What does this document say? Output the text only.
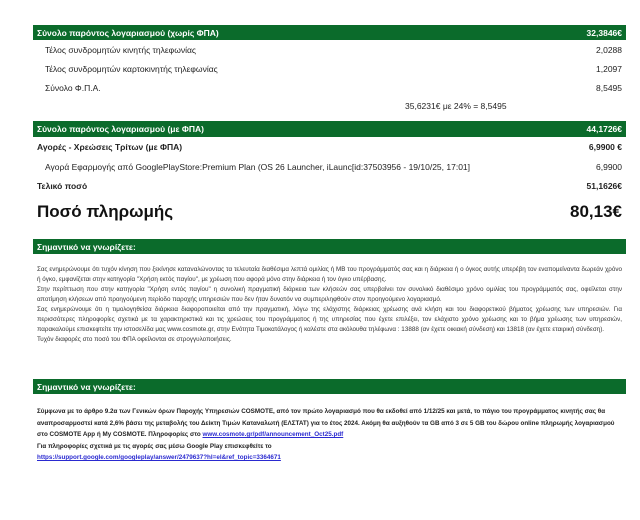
Σύνολο παρόντος λογαριασμού (χωρίς ΦΠΑ)	32,3846€
Τέλος συνδρομητών κινητής τηλεφωνίας	2,0288
Τέλος συνδρομητών καρτοκινητής τηλεφωνίας	1,2097
Σύνολο Φ.Π.Α.	8,5495
35,6231€ με 24% = 8,5495
Σύνολο παρόντος λογαριασμού (με ΦΠΑ)	44,1726€
Αγορές - Χρεώσεις Τρίτων (με ΦΠΑ)	6,9900 €
Αγορά Εφαρμογής από GooglePlayStore:Premium Plan (OS 26 Launcher, iLaunc[id:37503956 - 19/10/25, 17:01]	6,9900
Τελικό ποσό	51,1626€
Ποσό πληρωμής	80,13€
Σημαντικό να γνωρίζετε:

Σας ενημερώνουμε ότι τυχόν κίνηση που ξεκίνησε καταναλώνοντας τα τελευταία διαθέσιμα λεπτά ομιλίας ή MB του προγράμματός σας και η διάρκεια ή ο όγκος αυτής υπερέβη τον εναπομείναντα δωρεάν χρόνο ή όγκο, εμφανίζεται στην κατηγορία "Χρήση εκτός παγίου", με χρέωση που αφορά μόνο στην διάρκεια ή τον όγκο υπέρβασης.

Στην περίπτωση που στην κατηγορία "Χρήση εντός παγίου" η συνολική πραγματική διάρκεια των κλήσεών σας υπερβαίνει τον συνολικό διαθέσιμο χρόνο ομιλίας του προγράμματός σας, οφείλεται στην αποτίμηση κλήσεων από προηγούμενη περίοδο παροχής υπηρεσιών που δεν ήταν δυνατόν να συμπεριληφθούν στον προηγούμενο λογαριασμό.

Σας ενημερώνουμε ότι η τιμολογηθείσα διάρκεια διαφοροποιείται από την πραγματική, λόγω της ελάχιστης διάρκειας χρέωσης ανά κλήση και του διαφορετικού βήματος χρέωσης των υπηρεσιών. Για περισσότερες πληροφορίες σχετικά με τα χαρακτηριστικά και τις χρεώσεις του προγράμματος ή της υπηρεσίας που έχετε επιλέξει, τον ελάχιστο χρόνο χρέωσης και το βήμα χρέωσης των υπηρεσιών, παρακαλούμε επισκεφτείτε την ιστοσελίδα μας www.cosmote.gr, στην Ενότητα Τιμοκατάλογος ή καλέστε στα ακόλουθα τηλέφωνα : 13888 (αν έχετε οικιακή σύνδεση) και 13818 (αν έχετε εταιρική σύνδεση).

Τυχόν διαφορές στο ποσό του ΦΠΑ οφείλονται σε στρογγυλοποιήσεις.

Σημαντικό να γνωρίζετε:

Σύμφωνα με το άρθρο 9.2α των Γενικών όρων Παροχής Υπηρεσιών COSMOTE, από τον πρώτο λογαριασμό που θα εκδοθεί από 1/12/25 και μετά, το πάγιο του προγράμματος κινητής σας θα αναπροσαρμοστεί κατά 2,6% βάσει της μεταβολής του Δείκτη Τιμών Καταναλωτή (ΕΛΣΤΑΤ) για το έτος 2024. Ακόμη θα αυξηθούν τα GB από 3 σε 5 GB του δώρου online πληρωμής λογαριασμού στο COSMOTE App ή My COSMOTE. Πληροφορίες στο www.cosmote.gr/pdf/announcement_Oct25.pdf

Για πληροφορίες σχετικά με τις αγορές σας μέσω Google Play επισκεφθείτε το

https://support.google.com/googleplay/answer/2479637?hl=el&ref_topic=3364671
